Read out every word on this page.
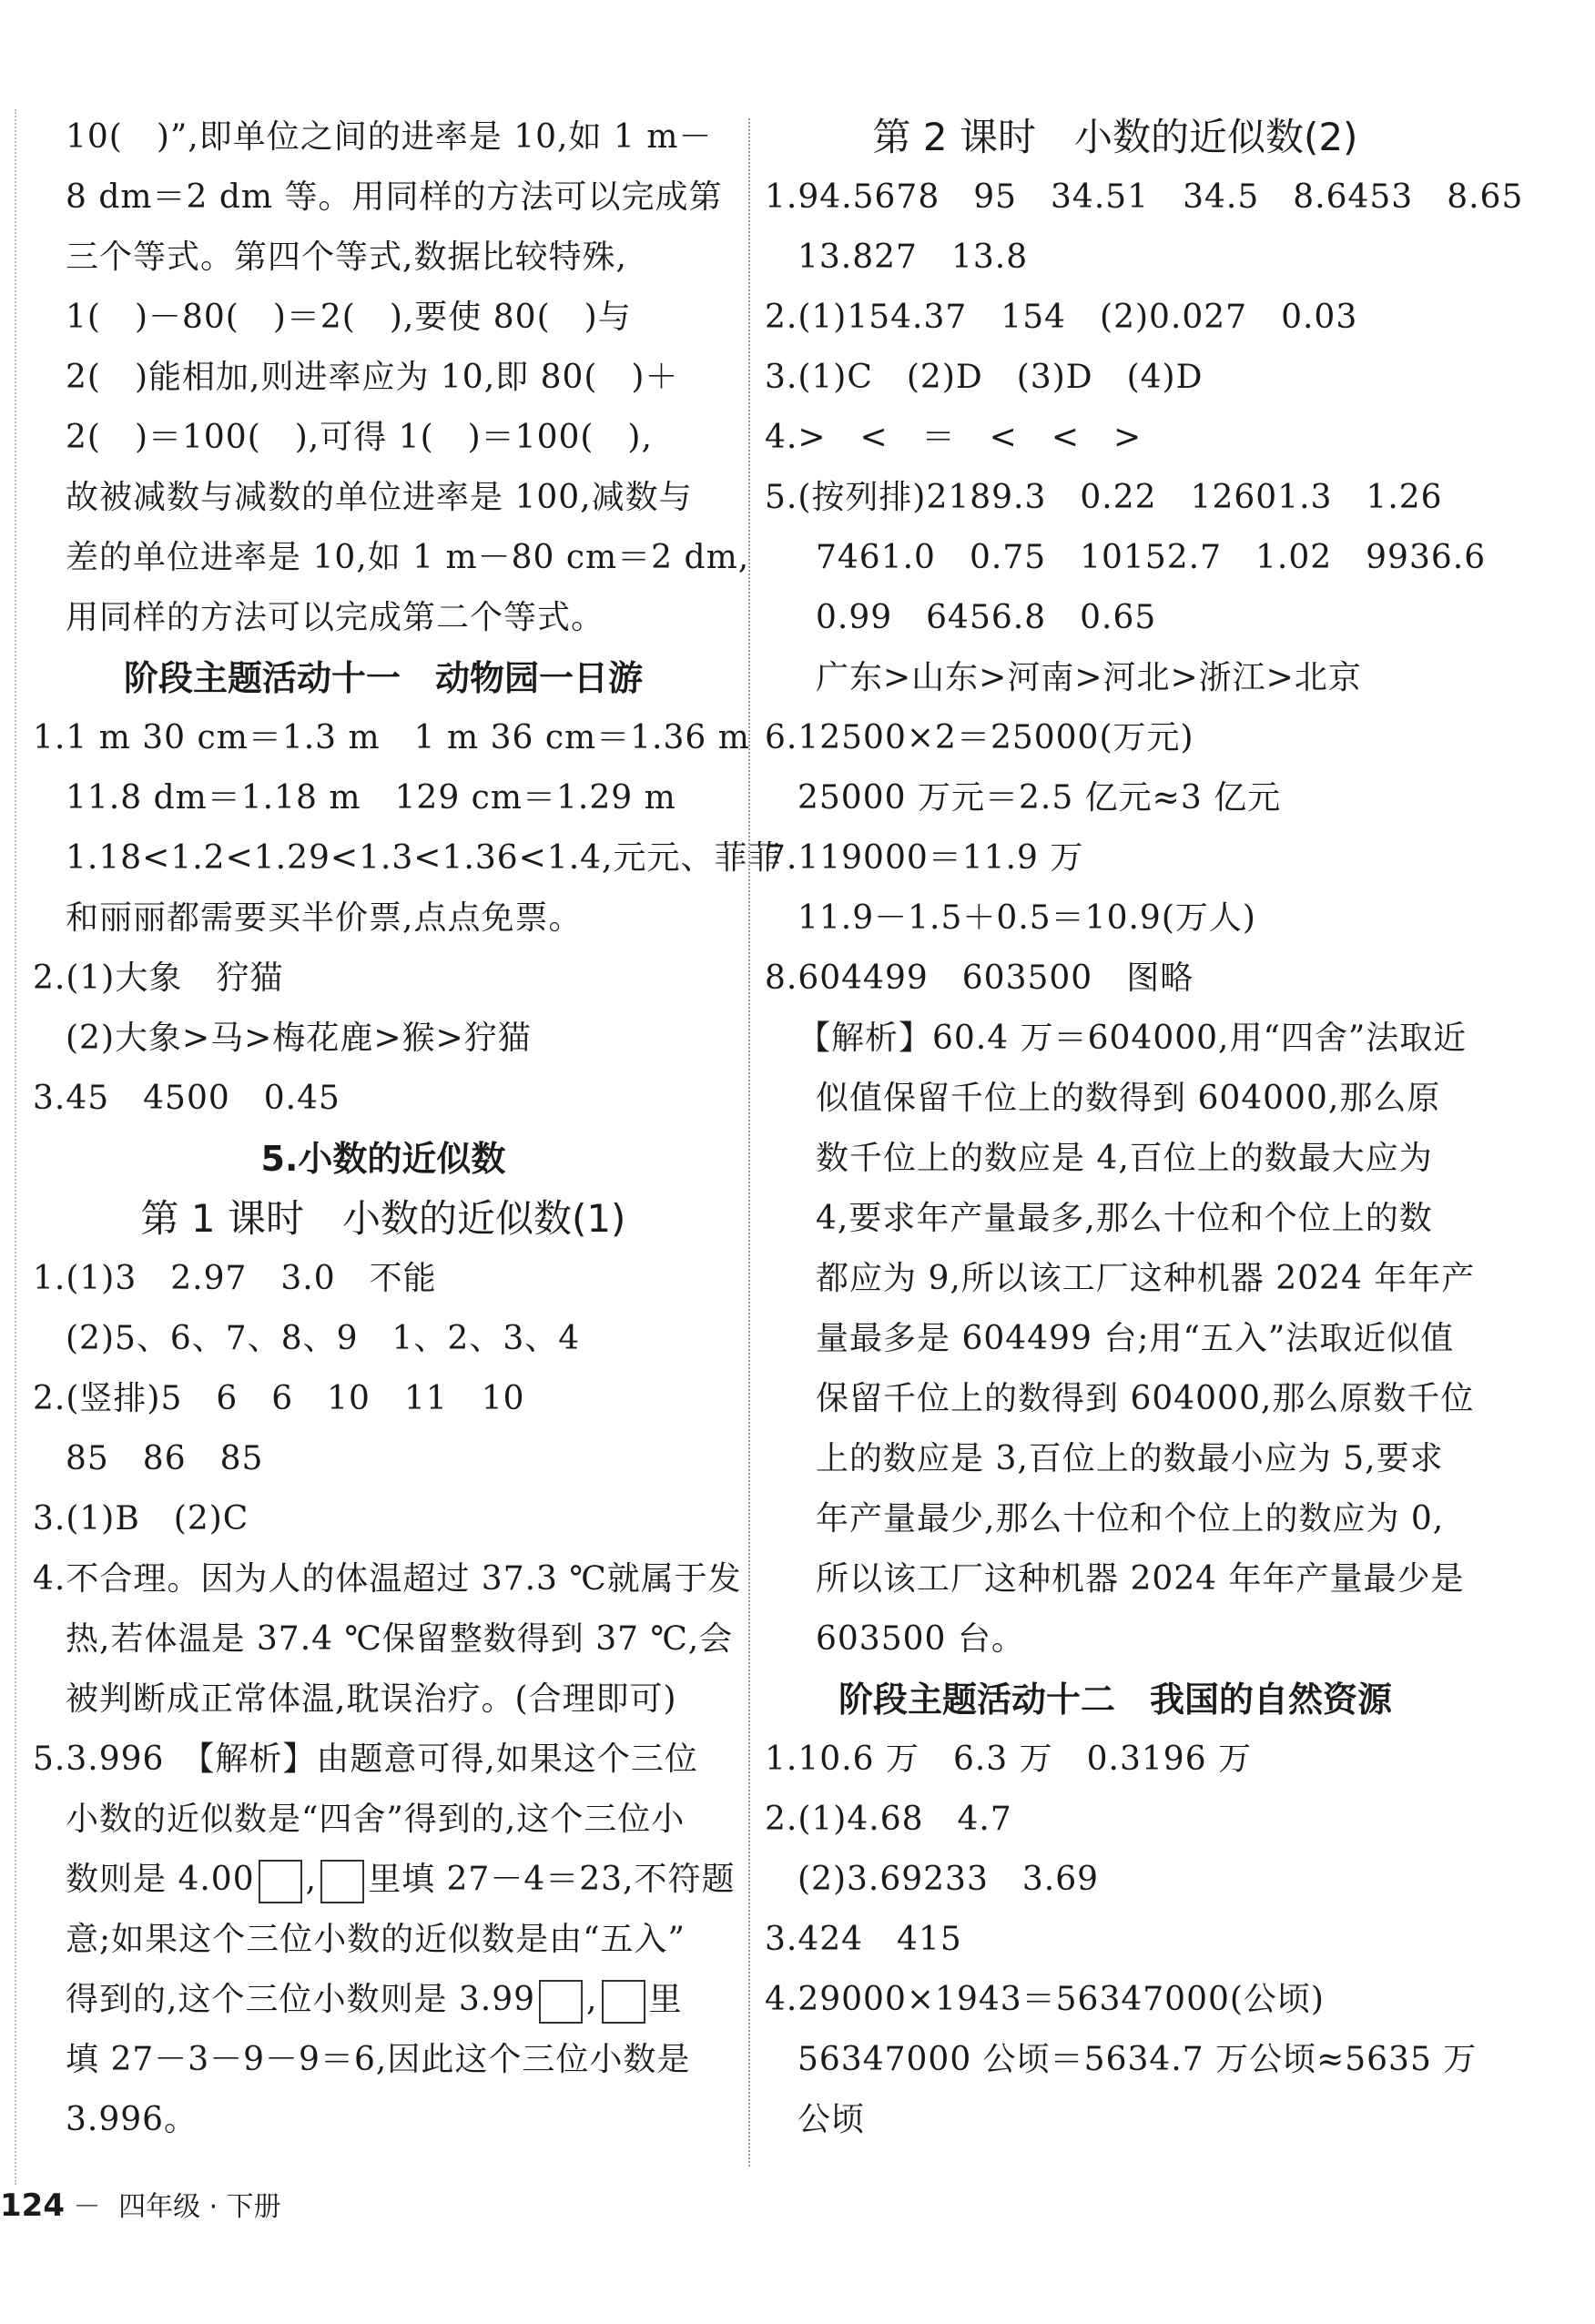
10(　)”,即单位之间的进率是 10,如 1 m－
8 dm＝2 dm 等。用同样的方法可以完成第
三个等式。第四个等式,数据比较特殊,
1(　)－80(　)＝2(　),要使 80(　)与
2(　)能相加,则进率应为 10,即 80(　)＋
2(　)＝100(　),可得 1(　)＝100(　),
故被减数与减数的单位进率是 100,减数与
差的单位进率是 10,如 1 m－80 cm＝2 dm,
用同样的方法可以完成第二个等式。
阶段主题活动十一　动物园一日游
1.1 m 30 cm＝1.3 m　1 m 36 cm＝1.36 m
11.8 dm＝1.18 m　129 cm＝1.29 m
1.18<1.2<1.29<1.3<1.36<1.4,元元、菲菲
和丽丽都需要买半价票,点点免票。
2.(1)大象　狞猫
(2)大象>马>梅花鹿>猴>狞猫
3.45　4500　0.45
5.小数的近似数
第 1 课时　小数的近似数(1)
1.(1)3　2.97　3.0　不能
(2)5、6、7、8、9　1、2、3、4
2.(竖排)5　6　6　10　11　10
85　86　85
3.(1)B　(2)C
4.不合理。因为人的体温超过 37.3 ℃就属于发
热,若体温是 37.4 ℃保留整数得到 37 ℃,会
被判断成正常体温,耽误治疗。(合理即可)
5.3.996　【解析】由题意可得,如果这个三位
小数的近似数是“四舍”得到的,这个三位小
数则是 4.00 , 里填 27－4＝23,不符题
意;如果这个三位小数的近似数是由“五入”
得到的,这个三位小数则是 3.99 , 里
填 27－3－9－9＝6,因此这个三位小数是
3.996。
第 2 课时　小数的近似数(2)
1.94.5678　95　34.51　34.5　8.6453　8.65
13.827　13.8
2.(1)154.37　154　(2)0.027　0.03
3.(1)C　(2)D　(3)D　(4)D
4.>　<　＝　<　<　>
5.(按列排)2189.3　0.22　12601.3　1.26
7461.0　0.75　10152.7　1.02　9936.6
0.99　6456.8　0.65
广东>山东>河南>河北>浙江>北京
6.12500×2＝25000(万元)
25000 万元＝2.5 亿元≈3 亿元
7.119000＝11.9 万
11.9－1.5＋0.5＝10.9(万人)
8.604499　603500　图略
【解析】60.4 万＝604000,用“四舍”法取近
似值保留千位上的数得到 604000,那么原
数千位上的数应是 4,百位上的数最大应为
4,要求年产量最多,那么十位和个位上的数
都应为 9,所以该工厂这种机器 2024 年年产
量最多是 604499 台;用“五入”法取近似值
保留千位上的数得到 604000,那么原数千位
上的数应是 3,百位上的数最小应为 5,要求
年产量最少,那么十位和个位上的数应为 0,
所以该工厂这种机器 2024 年年产量最少是
603500 台。
阶段主题活动十二　我国的自然资源
1.10.6 万　6.3 万　0.3196 万
2.(1)4.68　4.7
(2)3.69233　3.69
3.424　415
4.29000×1943＝56347000(公顷)
56347000 公顷＝5634.7 万公顷≈5635 万
公顷
124 － 四年级 · 下册
